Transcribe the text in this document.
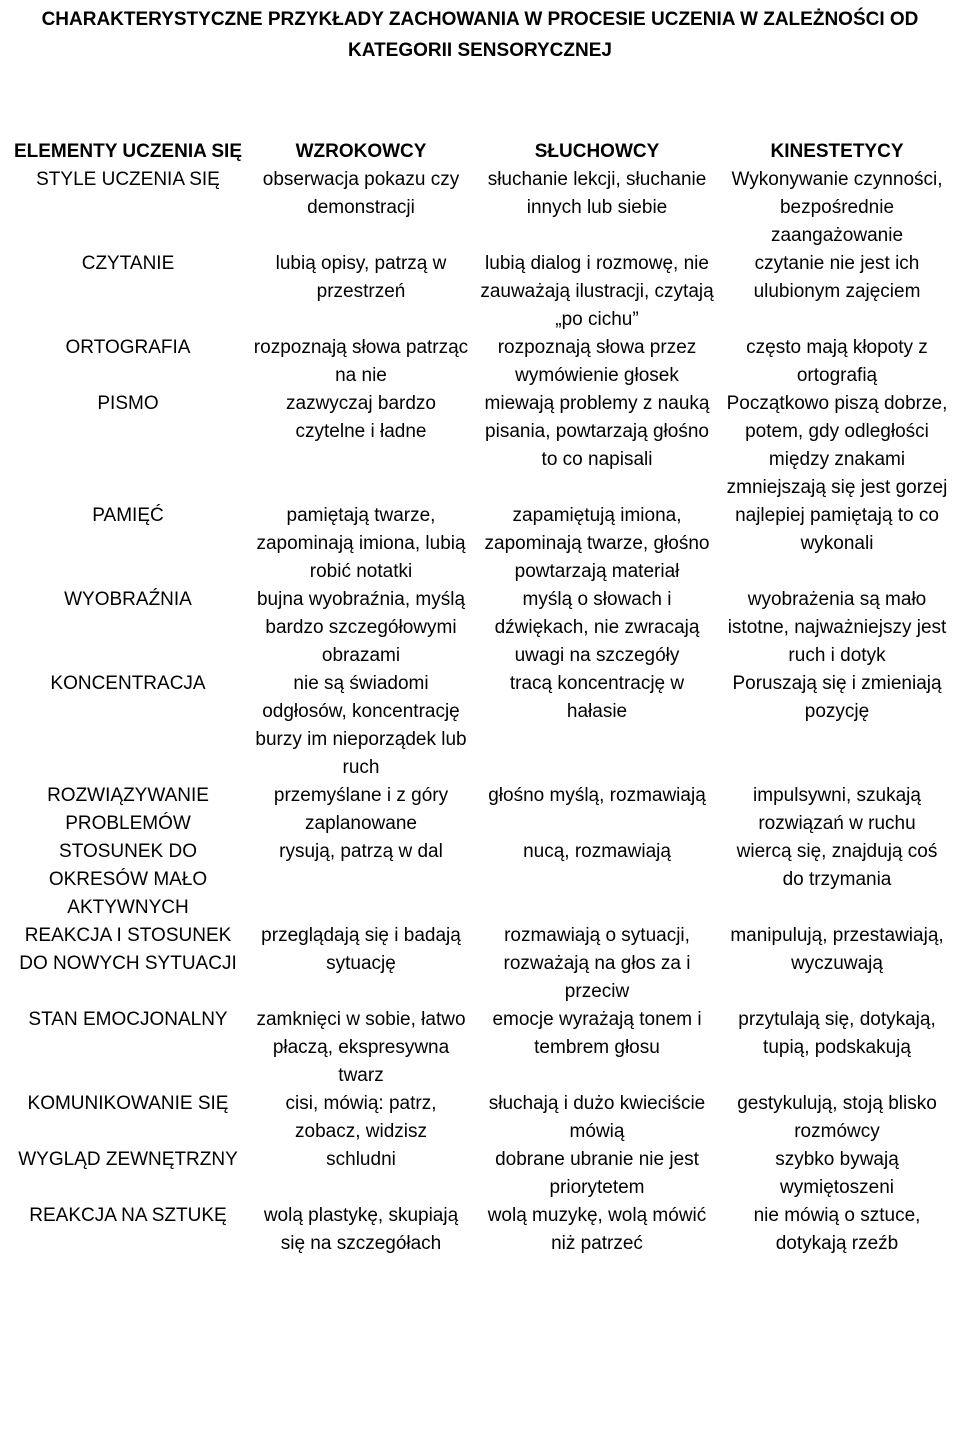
CHARAKTERYSTYCZNE PRZYKŁADY ZACHOWANIA W PROCESIE UCZENIA W ZALEŻNOŚCI OD KATEGORII SENSORYCZNEJ
ELEMENTY UCZENIA SIĘ	WZROKOWCY	SŁUCHOWCY	KINESTETYCY
STYLE UCZENIA SIĘ	obserwacja pokazu czy demonstracji	słuchanie lekcji, słuchanie innych lub siebie	Wykonywanie czynności, bezpośrednie zaangażowanie
CZYTANIE	lubią opisy, patrzą w przestrzeń	lubią dialog i rozmowę, nie zauważają ilustracji, czytają „po cichu”	czytanie nie jest ich ulubionym zajęciem
ORTOGRAFIA	rozpoznają słowa patrząc na nie	rozpoznają słowa przez wymówienie głosek	często mają kłopoty z ortografią
PISMO	zazwyczaj bardzo czytelne i ładne	miewają problemy z nauką pisania, powtarzają głośno to co napisali	Początkowo piszą dobrze, potem, gdy odległości między znakami zmniejszają się jest gorzej
PAMIĘĆ	pamiętają twarze, zapominają imiona, lubią robić notatki	zapamiętują imiona, zapominają twarze, głośno powtarzają materiał	najlepiej pamiętają to co wykonali
WYOBRAŹNIA	bujna wyobraźnia, myślą bardzo szczegółowymi obrazami	myślą o słowach i dźwiękach, nie zwracają uwagi na szczegóły	wyobrażenia są mało istotne, najważniejszy jest ruch i dotyk
KONCENTRACJA	nie są świadomi odgłosów, koncentrację burzy im nieporządek lub ruch	tracą koncentrację w hałasie	Poruszają się i zmieniają pozycję
ROZWIĄZYWANIE PROBLEMÓW	przemyślane i z góry zaplanowane	głośno myślą, rozmawiają	impulsywni, szukają rozwiązań w ruchu
STOSUNEK DO OKRESÓW MAŁO AKTYWNYCH	rysują, patrzą w dal	nucą, rozmawiają	wiercą się, znajdują coś do trzymania
REAKCJA I STOSUNEK DO NOWYCH SYTUACJI	przeglądają się i badają sytuację	rozmawiają o sytuacji, rozważają na głos za i przeciw	manipulują, przestawiają, wyczuwają
STAN EMOCJONALNY	zamknięci w sobie, łatwo płaczą, ekspresywna twarz	emocje wyrażają tonem i tembrem głosu	przytulają się, dotykają, tupią, podskakują
KOMUNIKOWANIE SIĘ	cisi, mówią: patrz, zobacz, widzisz	słuchają i dużo kwieciście mówią	gestykulują, stoją blisko rozmówcy
WYGLĄD ZEWNĘTRZNY	schludni	dobrane ubranie nie jest priorytetem	szybko bywają wymiętoszeni
REAKCJA NA SZTUKĘ	wolą plastykę, skupiają się na szczegółach	wolą muzykę, wolą mówić niż patrzeć	nie mówią o sztuce, dotykają rzeźb
